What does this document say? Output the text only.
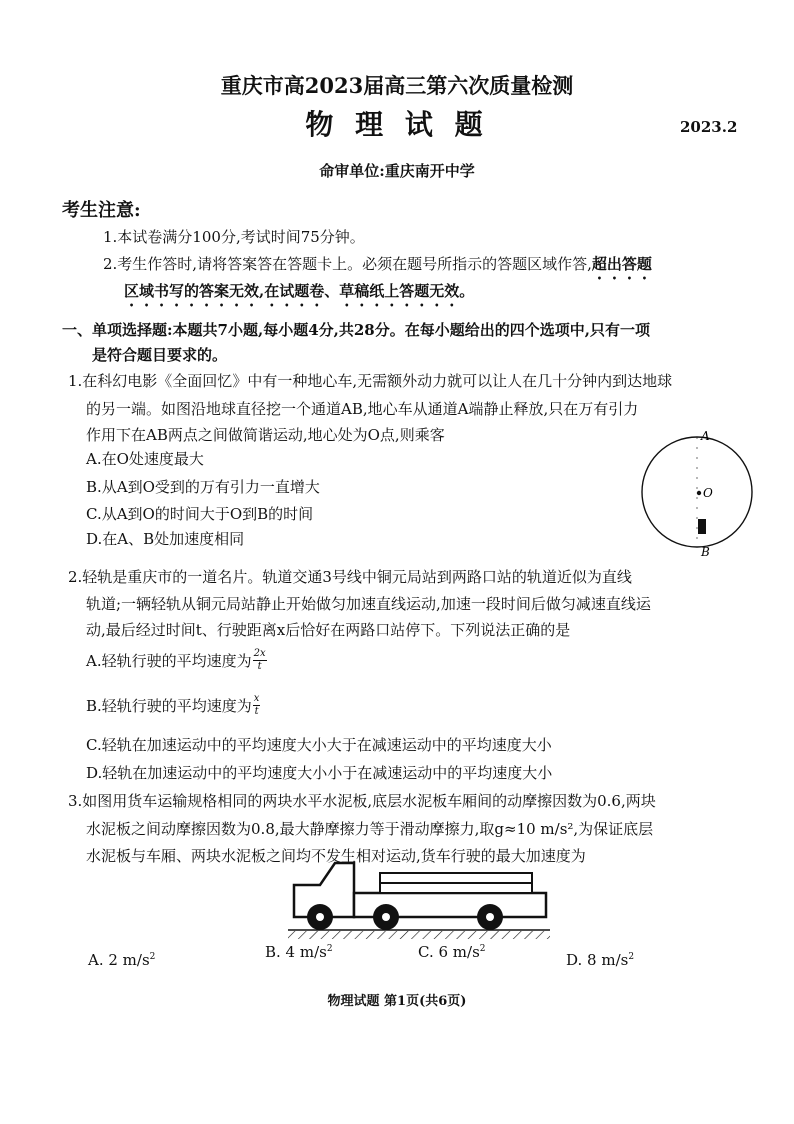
重庆市高2023届高三第六次质量检测
物 理 试 题	2023.2
命审单位:重庆南开中学
考生注意:
1.本试卷满分100分,考试时间75分钟。
2.考生作答时,请将答案答在答题卡上。必须在题号所指示的答题区域作答,超出答题
区域书写的答案无效,在试题卷、草稿纸上答题无效。
一、单项选择题:本题共7小题,每小题4分,共28分。在每小题给出的四个选项中,只有一项
是符合题目要求的。
1.在科幻电影《全面回忆》中有一种地心车,无需额外动力就可以让人在几十分钟内到达地球
的另一端。如图沿地球直径挖一个通道AB,地心车从通道A端静止释放,只在万有引力
作用下在AB两点之间做简谐运动,地心处为O点,则乘客
A.在O处速度最大
B.从A到O受到的万有引力一直增大
C.从A到O的时间大于O到B的时间
D.在A、B处加速度相同
A
O
B
2.轻轨是重庆市的一道名片。轨道交通3号线中铜元局站到两路口站的轨道近似为直线
轨道;一辆轻轨从铜元局站静止开始做匀加速直线运动,加速一段时间后做匀减速直线运
动,最后经过时间t、行驶距离x后恰好在两路口站停下。下列说法正确的是
A.轻轨行驶的平均速度为 $\frac{2x}{t}$
B.轻轨行驶的平均速度为 $\frac{x}{t}$
C.轻轨在加速运动中的平均速度大小大于在减速运动中的平均速度大小
D.轻轨在加速运动中的平均速度大小小于在减速运动中的平均速度大小
3.如图用货车运输规格相同的两块水平水泥板,底层水泥板车厢间的动摩擦因数为0.6,两块
水泥板之间动摩擦因数为0.8,最大静摩擦力等于滑动摩擦力,取g≈10 m/s²,为保证底层
水泥板与车厢、两块水泥板之间均不发生相对运动,货车行驶的最大加速度为
A. 2 $m/s^2$	B. 4 $m/s^2$	C. 6 $m/s^2$
D. 8 $m/s^2$
物理试题 第1页(共6页)
